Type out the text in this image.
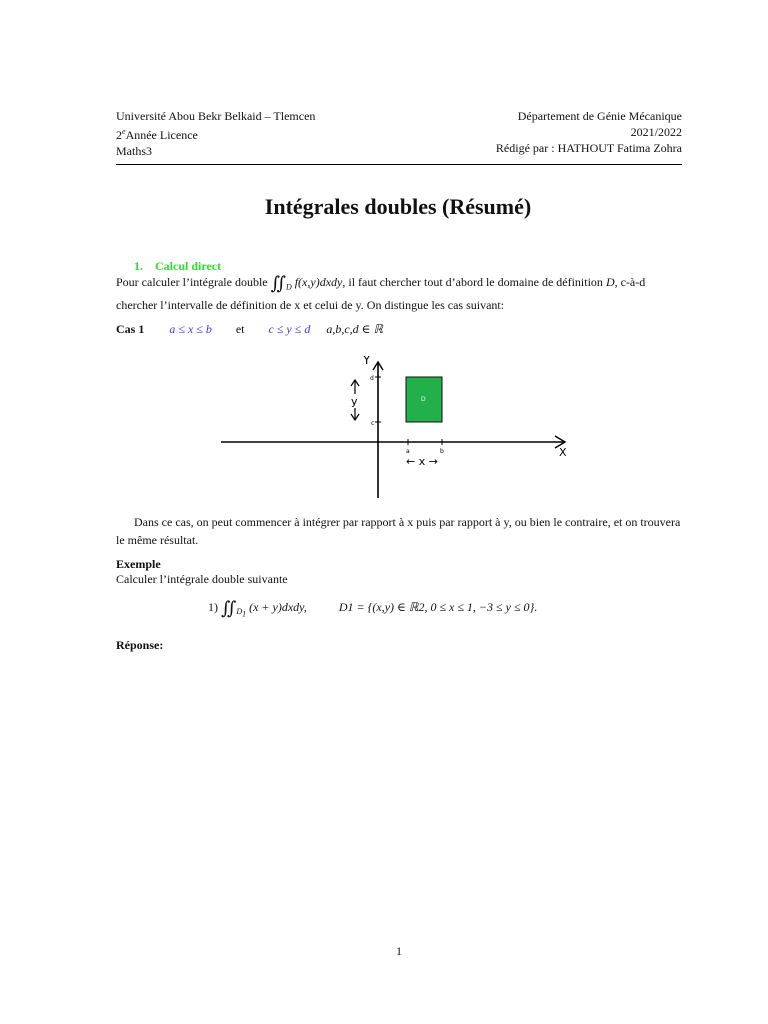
Université Abou Bekr Belkaid – Tlemcen
2eAnnée Licence
Maths3
Département de Génie Mécanique
2021/2022
Rédigé par : HATHOUT Fatima Zohra
Intégrales doubles (Résumé)
1. Calcul direct
Pour calculer l’intégrale double $∬_D$ f(x,y)dxdy, il faut chercher tout d’abord le domaine de définition D, c-à-d chercher l’intervalle de définition de x et celui de y. On distingue les cas suivant:
Cas 1 a ≤ x ≤ b et c ≤ y ≤ d a,b,c,d ∈ ℝ
Y
X
d
c
a	b
D
y
← x →
Dans ce cas, on peut commencer à intégrer par rapport à x puis par rapport à y, ou bien le contraire, et on trouvera le même résultat.
Exemple
Calculer l’intégrale double suivante
1) $∬_{D_1}$ (x + y)dxdy,	D1 = {(x,y) ∈ ℝ2, 0 ≤ x ≤ 1, −3 ≤ y ≤ 0}.
Réponse:
1
